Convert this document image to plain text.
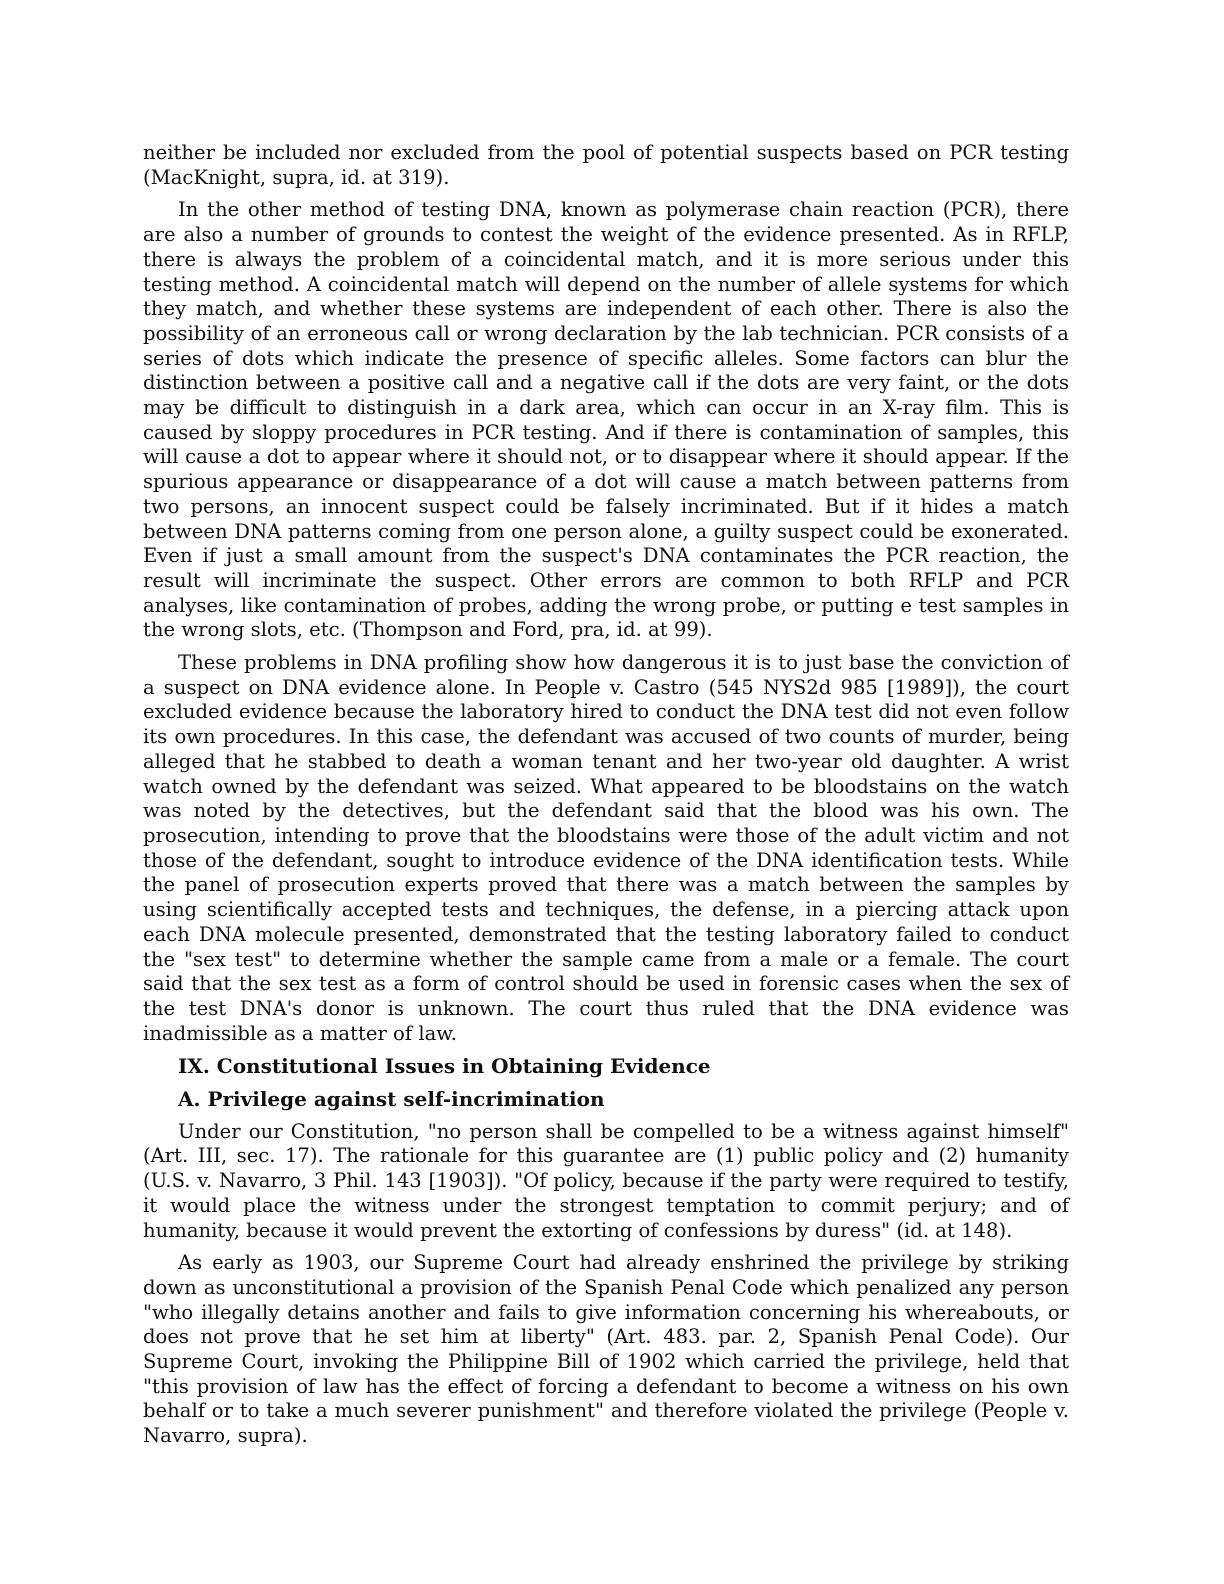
neither be included nor excluded from the pool of potential suspects based on PCR testing (MacKnight, supra, id. at 319).

In the other method of testing DNA, known as polymerase chain reaction (PCR), there are also a number of grounds to contest the weight of the evidence presented. As in RFLP, there is always the problem of a coincidental match, and it is more serious under this testing method. A coincidental match will depend on the number of allele systems for which they match, and whether these systems are independent of each other. There is also the possibility of an erroneous call or wrong declaration by the lab technician. PCR consists of a series of dots which indicate the presence of specific alleles. Some factors can blur the distinction between a positive call and a negative call if the dots are very faint, or the dots may be difficult to distinguish in a dark area, which can occur in an X-ray film. This is caused by sloppy procedures in PCR testing. And if there is contamination of samples, this will cause a dot to appear where it should not, or to disappear where it should appear. If the spurious appearance or disappearance of a dot will cause a match between patterns from two persons, an innocent suspect could be falsely incriminated. But if it hides a match between DNA patterns coming from one person alone, a guilty suspect could be exonerated. Even if just a small amount from the suspect's DNA contaminates the PCR reaction, the result will incriminate the suspect. Other errors are common to both RFLP and PCR analyses, like contamination of probes, adding the wrong probe, or putting e test samples in the wrong slots, etc. (Thompson and Ford, pra, id. at 99).

These problems in DNA profiling show how dangerous it is to just base the conviction of a suspect on DNA evidence alone. In People v. Castro (545 NYS2d 985 [1989]), the court excluded evidence because the laboratory hired to conduct the DNA test did not even follow its own procedures. In this case, the defendant was accused of two counts of murder, being alleged that he stabbed to death a woman tenant and her two-year old daughter. A wrist watch owned by the defendant was seized. What appeared to be bloodstains on the watch was noted by the detectives, but the defendant said that the blood was his own. The prosecution, intending to prove that the bloodstains were those of the adult victim and not those of the defendant, sought to introduce evidence of the DNA identification tests. While the panel of prosecution experts proved that there was a match between the samples by using scientifically accepted tests and techniques, the defense, in a piercing attack upon each DNA molecule presented, demonstrated that the testing laboratory failed to conduct the "sex test" to determine whether the sample came from a male or a female. The court said that the sex test as a form of control should be used in forensic cases when the sex of the test DNA's donor is unknown. The court thus ruled that the DNA evidence was inadmissible as a matter of law.

IX. Constitutional Issues in Obtaining Evidence
A. Privilege against self-incrimination

Under our Constitution, "no person shall be compelled to be a witness against himself" (Art. III, sec. 17). The rationale for this guarantee are (1) public policy and (2) humanity (U.S. v. Navarro, 3 Phil. 143 [1903]). "Of policy, because if the party were required to testify, it would place the witness under the strongest temptation to commit perjury; and of humanity, because it would prevent the extorting of confessions by duress" (id. at 148).

As early as 1903, our Supreme Court had already enshrined the privilege by striking down as unconstitutional a provision of the Spanish Penal Code which penalized any person "who illegally detains another and fails to give information concerning his whereabouts, or does not prove that he set him at liberty" (Art. 483. par. 2, Spanish Penal Code). Our Supreme Court, invoking the Philippine Bill of 1902 which carried the privilege, held that "this provision of law has the effect of forcing a defendant to become a witness on his own behalf or to take a much severer punishment" and therefore violated the privilege (People v. Navarro, supra).
